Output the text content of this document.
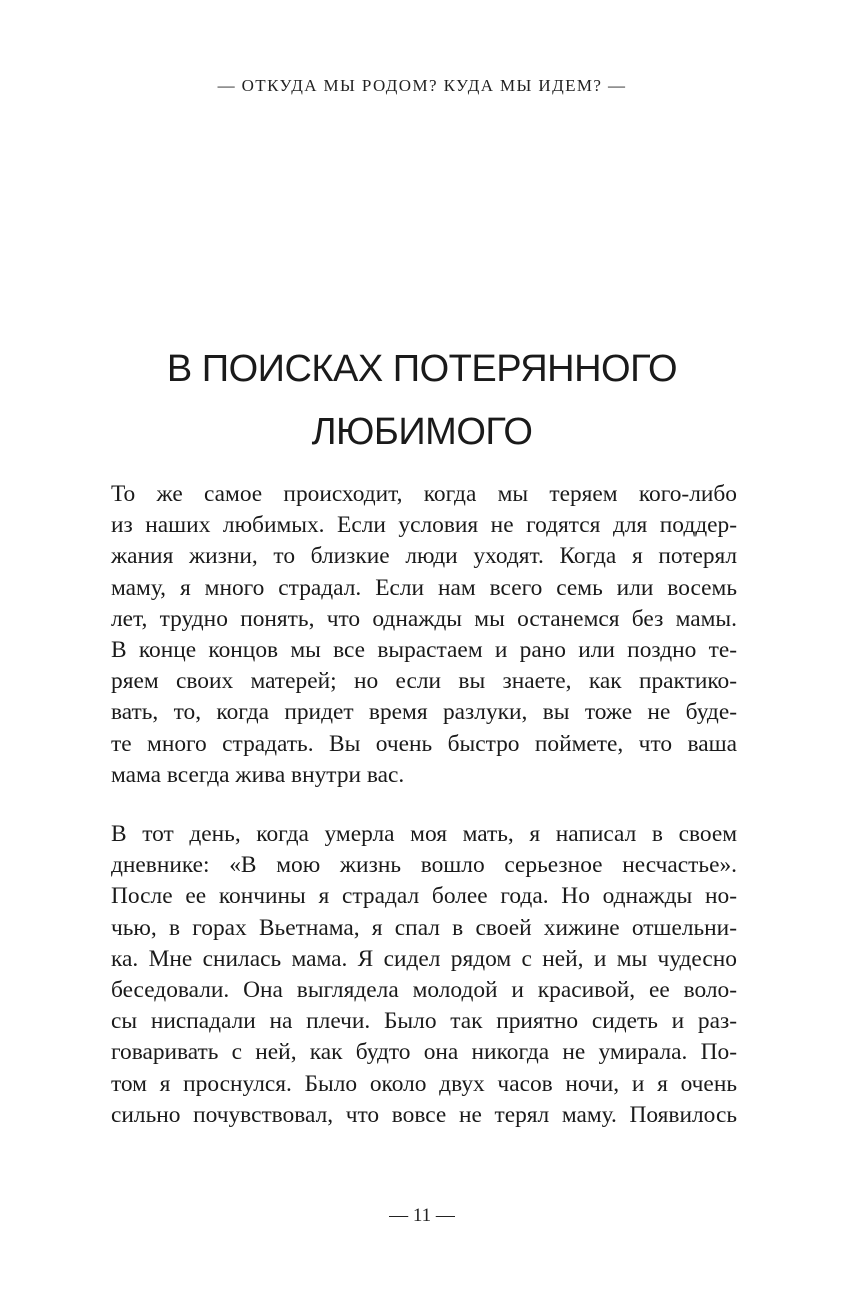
— ОТКУДА МЫ РОДОМ? КУДА МЫ ИДЕМ? —
В ПОИСКАХ ПОТЕРЯННОГО
ЛЮБИМОГО
То же самое происходит, когда мы теряем кого-либо
из наших любимых. Если условия не годятся для поддер-
жания жизни, то близкие люди уходят. Когда я потерял
маму, я много страдал. Если нам всего семь или восемь
лет, трудно понять, что однажды мы останемся без мамы.
В конце концов мы все вырастаем и рано или поздно те-
ряем своих матерей; но если вы знаете, как практико-
вать, то, когда придет время разлуки, вы тоже не буде-
те много страдать. Вы очень быстро поймете, что ваша
мама всегда жива внутри вас.
В тот день, когда умерла моя мать, я написал в своем
дневнике: «В мою жизнь вошло серьезное несчастье».
После ее кончины я страдал более года. Но однажды но-
чью, в горах Вьетнама, я спал в своей хижине отшельни-
ка. Мне снилась мама. Я сидел рядом с ней, и мы чудесно
беседовали. Она выглядела молодой и красивой, ее воло-
сы ниспадали на плечи. Было так приятно сидеть и раз-
говаривать с ней, как будто она никогда не умирала. По-
том я проснулся. Было около двух часов ночи, и я очень
сильно почувствовал, что вовсе не терял маму. Появилось
— 11 —
